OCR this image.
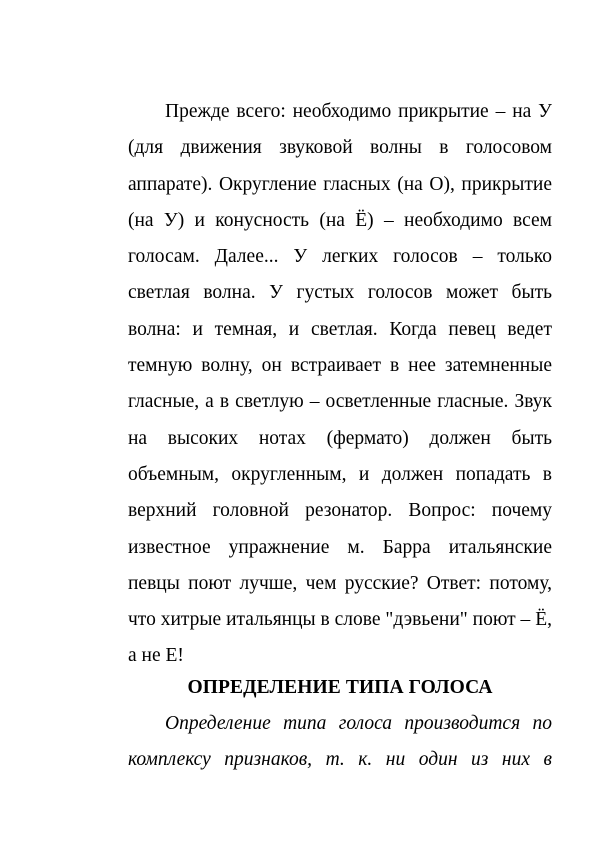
Прежде всего: необходимо прикрытие – на У (для движения звуковой волны в голосовом аппарате). Округление гласных (на О), прикрытие (на У) и конусность (на Ё) – необходимо всем голосам. Далее... У легких голосов – только светлая волна. У густых голосов может быть волна: и темная, и светлая. Когда певец ведет темную волну, он встраивает в нее затемненные гласные, а в светлую – осветленные гласные. Звук на высоких нотах (фермато) должен быть объемным, округленным, и должен попадать в верхний головной резонатор. Вопрос: почему известное упражнение м. Барра итальянские певцы поют лучше, чем русские? Ответ: потому, что хитрые итальянцы в слове "дэвьени" поют – Ё, а не Е!

ОПРЕДЕЛЕНИЕ ТИПА ГОЛОСА

Определение типа голоса производится по комплексу признаков, т. к. ни один из них в
